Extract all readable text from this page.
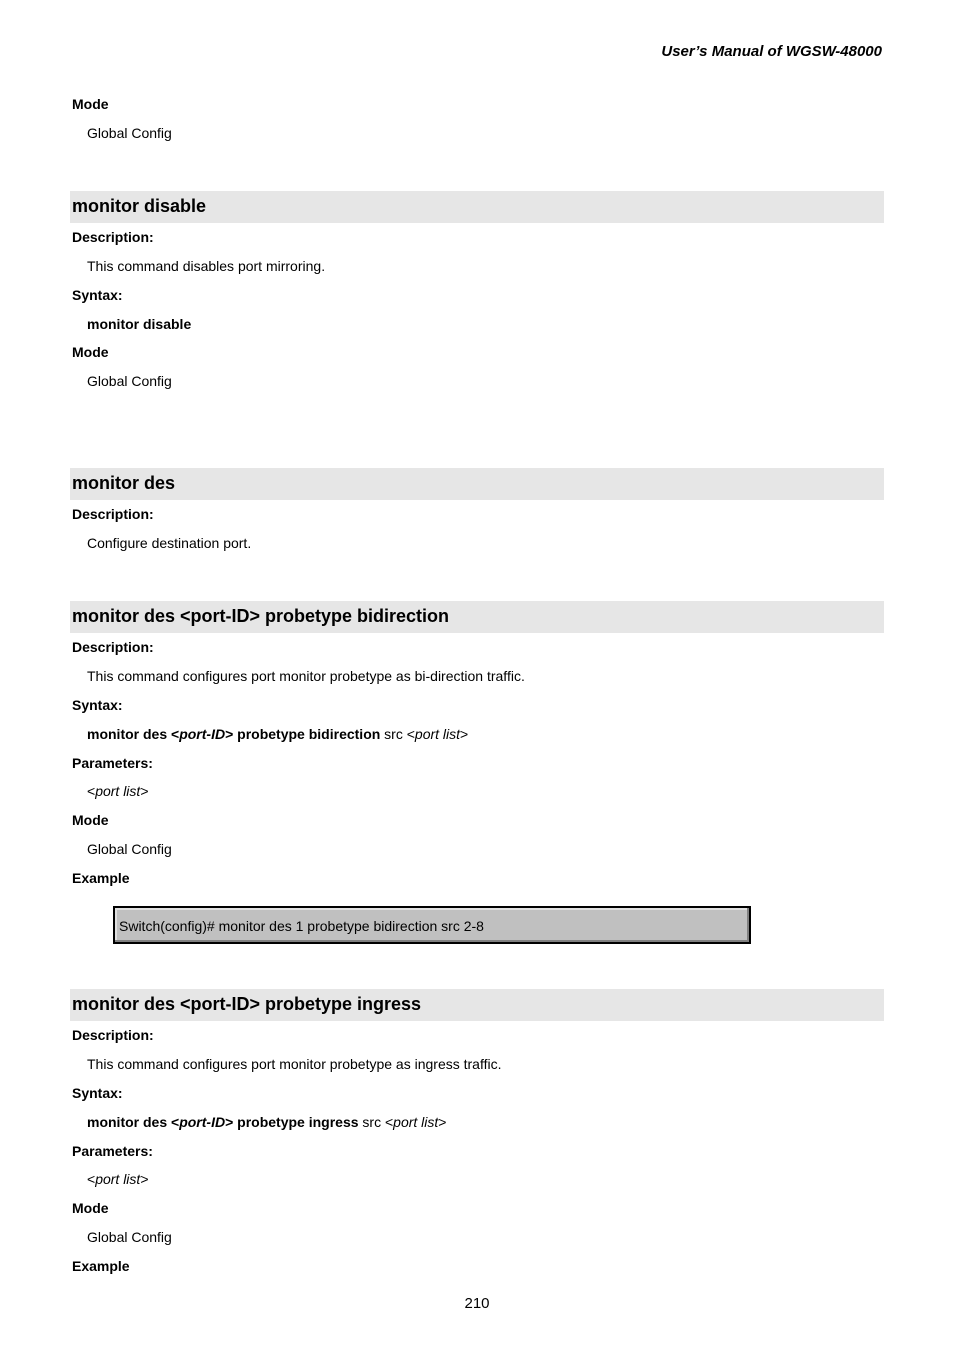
User’s Manual of WGSW-48000
Mode
Global Config
monitor disable
Description:
This command disables port mirroring.
Syntax:
monitor disable
Mode
Global Config
monitor des
Description:
Configure destination port.
monitor des <port-ID> probetype bidirection
Description:
This command configures port monitor probetype as bi-direction traffic.
Syntax:
monitor des <port-ID> probetype bidirection src <port list>
Parameters:
<port list>
Mode
Global Config
Example
Switch(config)# monitor des 1 probetype bidirection src 2-8
monitor des <port-ID> probetype ingress
Description:
This command configures port monitor probetype as ingress traffic.
Syntax:
monitor des <port-ID> probetype ingress src <port list>
Parameters:
<port list>
Mode
Global Config
Example
210
